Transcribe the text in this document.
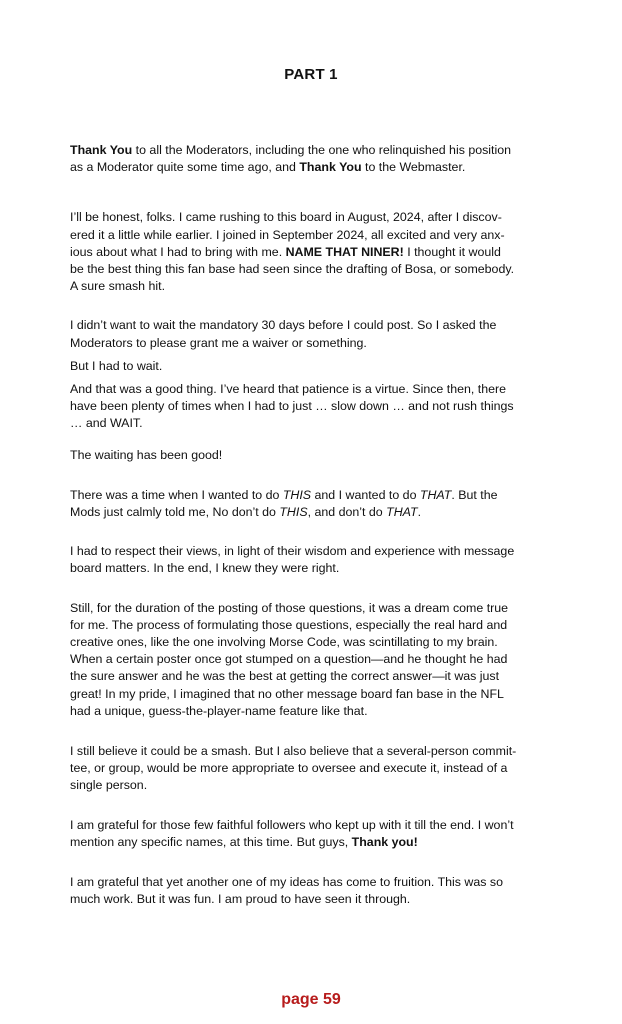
PART 1

Thank You to all the Moderators, including the one who relinquished his position
as a Moderator quite some time ago, and Thank You to the Webmaster.

I’ll be honest, folks. I came rushing to this board in August, 2024, after I discov-
ered it a little while earlier. I joined in September 2024, all excited and very anx-
ious about what I had to bring with me. NAME THAT NINER! I thought it would
be the best thing this fan base had seen since the drafting of Bosa, or somebody.
A sure smash hit.

I didn’t want to wait the mandatory 30 days before I could post. So I asked the
Moderators to please grant me a waiver or something.

But I had to wait.

And that was a good thing. I’ve heard that patience is a virtue. Since then, there
have been plenty of times when I had to just … slow down … and not rush things
… and WAIT.

The waiting has been good!

There was a time when I wanted to do THIS and I wanted to do THAT. But the
Mods just calmly told me, No don’t do THIS, and don’t do THAT.

I had to respect their views, in light of their wisdom and experience with message
board matters. In the end, I knew they were right.

Still, for the duration of the posting of those questions, it was a dream come true
for me. The process of formulating those questions, especially the real hard and
creative ones, like the one involving Morse Code, was scintillating to my brain.
When a certain poster once got stumped on a question—and he thought he had
the sure answer and he was the best at getting the correct answer—it was just
great! In my pride, I imagined that no other message board fan base in the NFL
had a unique, guess-the-player-name feature like that.

I still believe it could be a smash. But I also believe that a several-person commit-
tee, or group, would be more appropriate to oversee and execute it, instead of a
single person.

I am grateful for those few faithful followers who kept up with it till the end. I won’t
mention any specific names, at this time. But guys, Thank you!

I am grateful that yet another one of my ideas has come to fruition. This was so
much work. But it was fun. I am proud to have seen it through.

page 59
